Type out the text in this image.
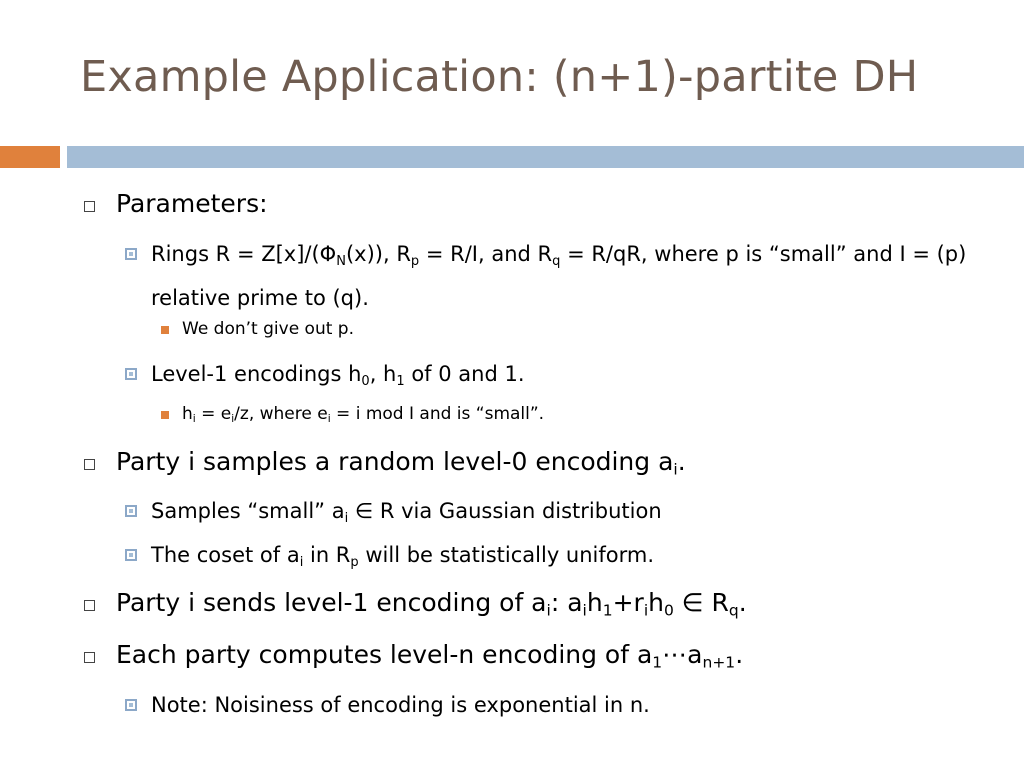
Example Application: (n+1)-partite DH
Parameters:
Rings $R = Z[x]/(\Phi_N(x))$, $R_p = R/I$, and $R_q = R/qR$, where p is “small” and I = (p) relative prime to (q).
We don’t give out p.
Level-1 encodings $h_0$, $h_1$ of 0 and 1.
$h_i = e_i/z$, where $e_i = i$ mod I and is “small”.
Party i samples a random level-0 encoding $a_i$.
Samples “small” $a_i$ ∈ R via Gaussian distribution
The coset of $a_i$ in $R_p$ will be statistically uniform.
Party i sends level-1 encoding of $a_i$: $a_ih_1+r_ih_0$ ∈ $R_q$.
Each party computes level-n encoding of $a_1\cdots a_{n+1}$.
Note: Noisiness of encoding is exponential in n.
